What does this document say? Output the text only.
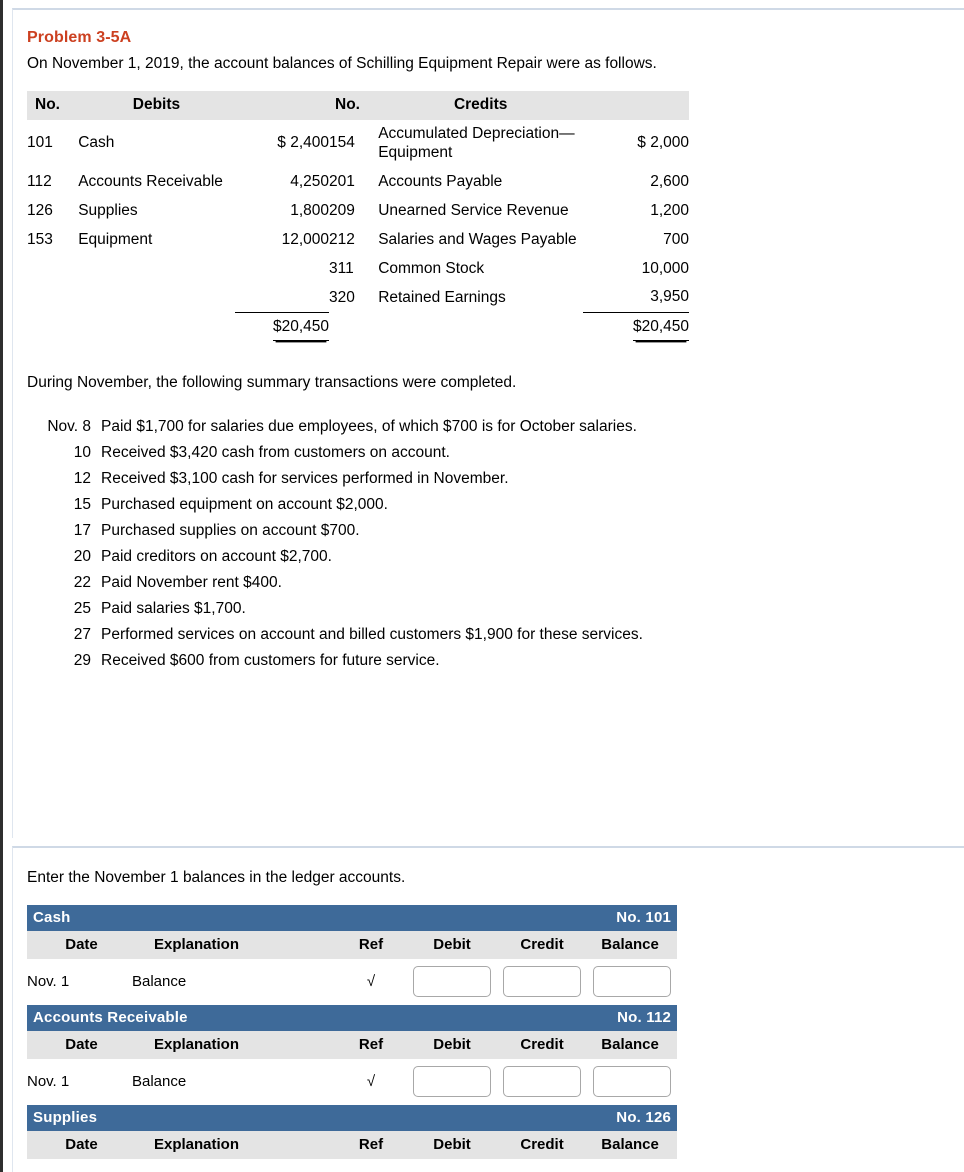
Problem 3-5A
On November 1, 2019, the account balances of Schilling Equipment Repair were as follows.
No.	Debits		No.	Credits	
101	Cash	$ 2,400	154	Accumulated Depreciation—Equipment	$ 2,000
112	Accounts Receivable	4,250	201	Accounts Payable	2,600
126	Supplies	1,800	209	Unearned Service Revenue	1,200
153	Equipment	12,000	212	Salaries and Wages Payable	700
			311	Common Stock	10,000
			320	Retained Earnings	3,950
		$20,450			$20,450
During November, the following summary transactions were completed.
Nov. 8 Paid $1,700 for salaries due employees, of which $700 is for October salaries.
10 Received $3,420 cash from customers on account.
12 Received $3,100 cash for services performed in November.
15 Purchased equipment on account $2,000.
17 Purchased supplies on account $700.
20 Paid creditors on account $2,700.
22 Paid November rent $400.
25 Paid salaries $1,700.
27 Performed services on account and billed customers $1,900 for these services.
29 Received $600 from customers for future service.
Enter the November 1 balances in the ledger accounts.
Cash			No. 101		
Date	Explanation	Ref	Debit	Credit	Balance
Nov. 1	Balance	√			
Accounts Receivable			No. 112		
Date	Explanation	Ref	Debit	Credit	Balance
Nov. 1	Balance	√			
Supplies			No. 126		
Date	Explanation	Ref	Debit	Credit	Balance
